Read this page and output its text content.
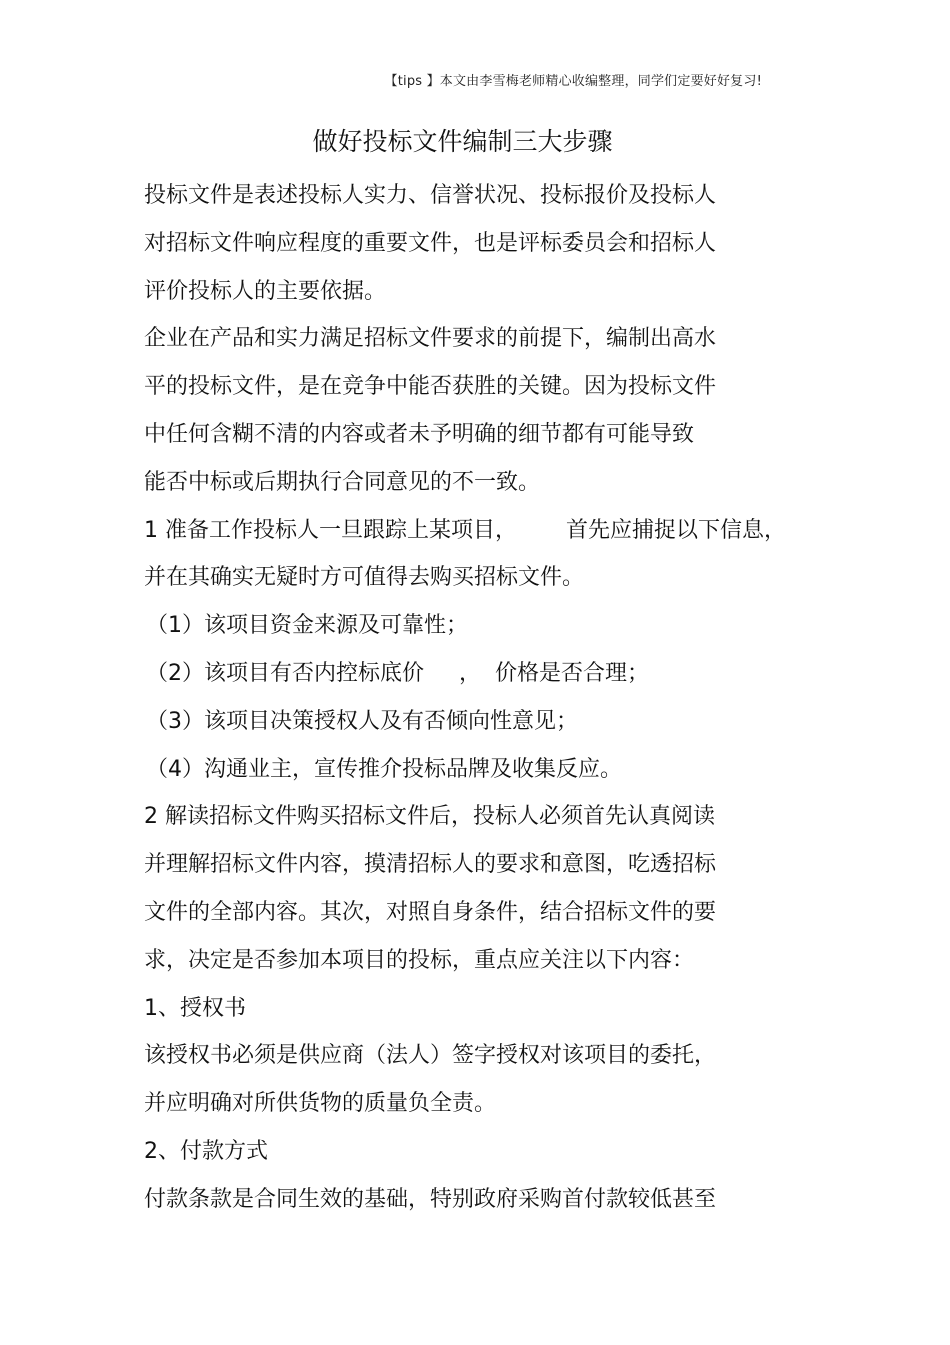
【tips 】本文由李雪梅老师精心收编整理，同学们定要好好复习!
做好投标文件编制三大步骤
投标文件是表述投标人实力、信誉状况、投标报价及投标人
对招标文件响应程度的重要文件，也是评标委员会和招标人
评价投标人的主要依据。
企业在产品和实力满足招标文件要求的前提下，编制出高水
平的投标文件，是在竞争中能否获胜的关键。因为投标文件
中任何含糊不清的内容或者未予明确的细节都有可能导致
能否中标或后期执行合同意见的不一致。
1 准备工作投标人一旦跟踪上某项目，       首先应捕捉以下信息，
并在其确实无疑时方可值得去购买招标文件。
（1）该项目资金来源及可靠性；
（2）该项目有否内控标底价     ，  价格是否合理；
（3）该项目决策授权人及有否倾向性意见；
（4）沟通业主，宣传推介投标品牌及收集反应。
2 解读招标文件购买招标文件后，投标人必须首先认真阅读
并理解招标文件内容，摸清招标人的要求和意图，吃透招标
文件的全部内容。其次，对照自身条件，结合招标文件的要
求，决定是否参加本项目的投标，重点应关注以下内容：
1、授权书
该授权书必须是供应商（法人）签字授权对该项目的委托，
并应明确对所供货物的质量负全责。
2、付款方式
付款条款是合同生效的基础，特别政府采购首付款较低甚至
